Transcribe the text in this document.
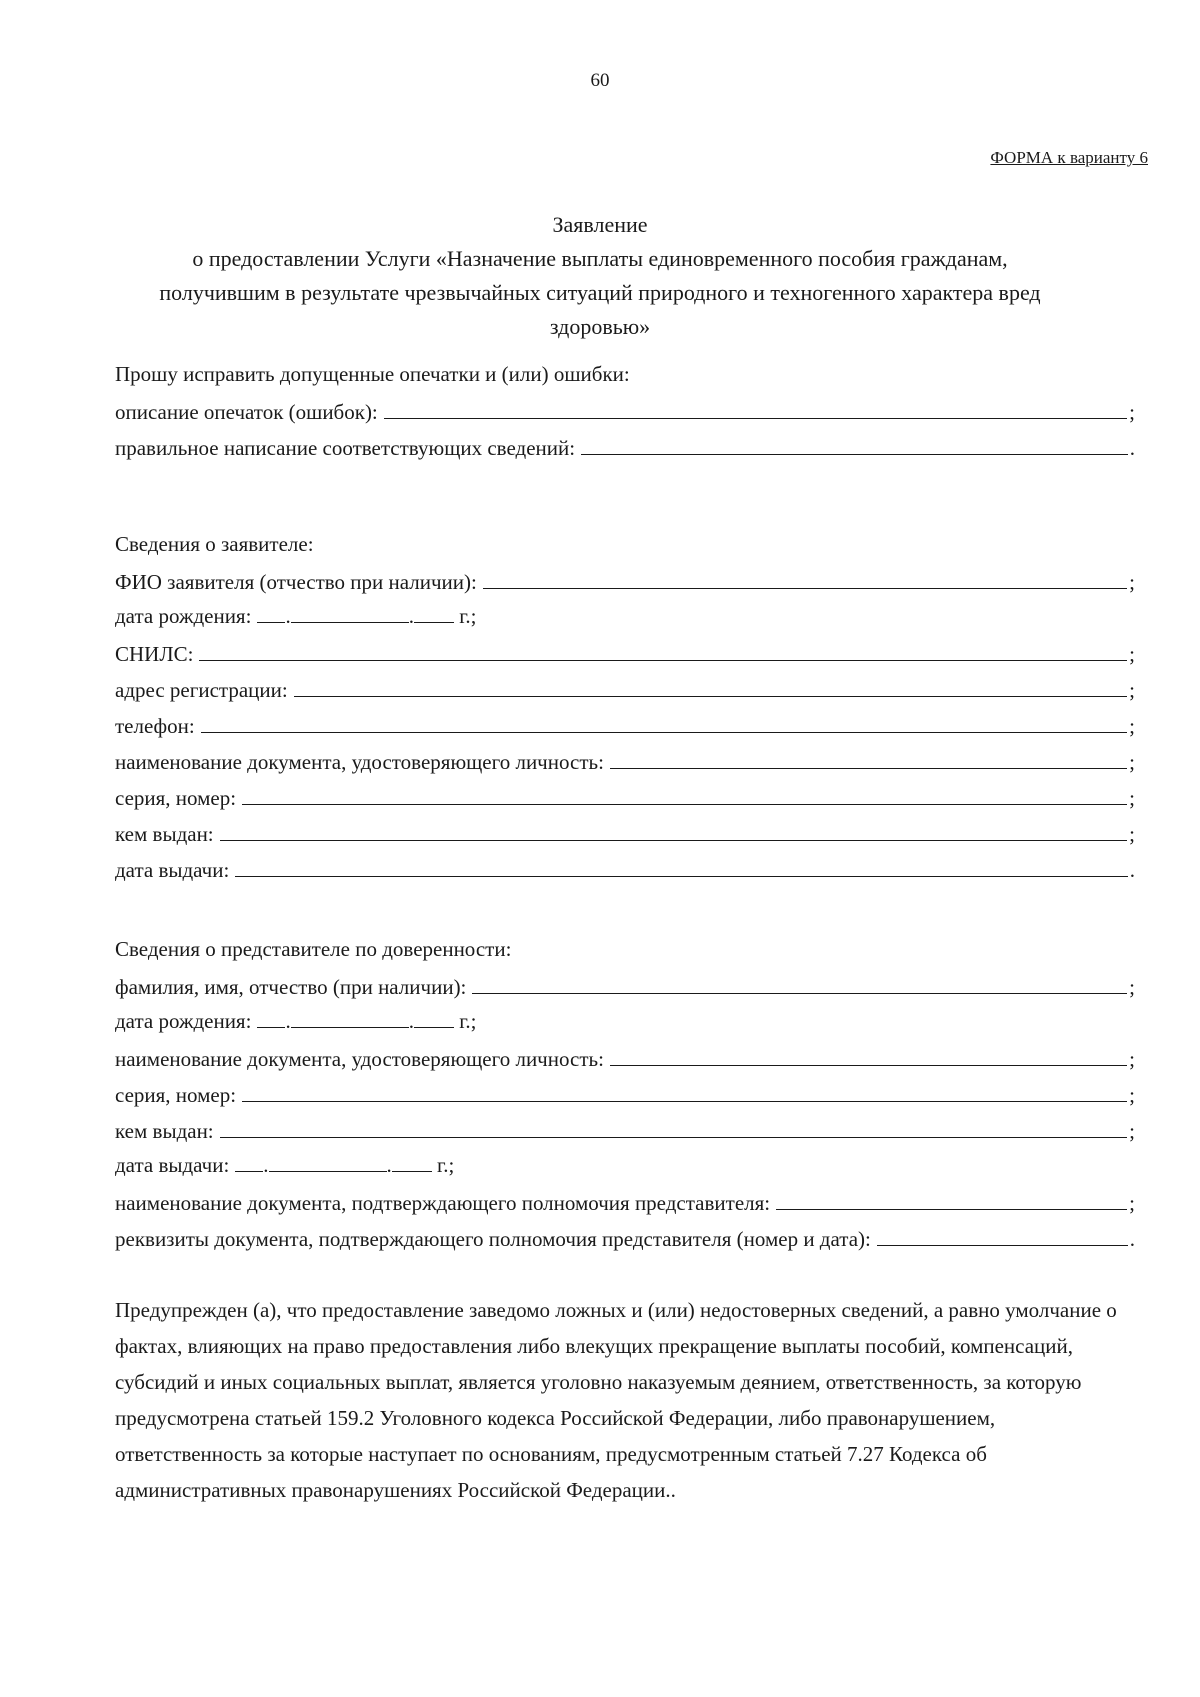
60
ФОРМА к варианту 6
Заявление
о предоставлении Услуги «Назначение выплаты единовременного пособия гражданам,
получившим в результате чрезвычайных ситуаций природного и техногенного характера вред
здоровью»
Прошу исправить допущенные опечатки и (или) ошибки:
описание опечаток (ошибок):	;
правильное написание соответствующих сведений:	.
Сведения о заявителе:
ФИО заявителя (отчество при наличии):	;
дата рождения:	.	. г.;
СНИЛС:	;
адрес регистрации:	;
телефон:	;
наименование документа, удостоверяющего личность:	;
серия, номер:	;
кем выдан:	;
дата выдачи:	.
Сведения о представителе по доверенности:
фамилия, имя, отчество (при наличии):	;
дата рождения:	.	. г.;
наименование документа, удостоверяющего личность:	;
серия, номер:	;
кем выдан:	;
дата выдачи:	.	. г.;
наименование документа, подтверждающего полномочия представителя:	;
реквизиты документа, подтверждающего полномочия представителя (номер и дата):	.
Предупрежден (а), что предоставление заведомо ложных и (или) недостоверных сведений, а равно умолчание о фактах, влияющих на право предоставления либо влекущих прекращение выплаты пособий, компенсаций, субсидий и иных социальных выплат, является уголовно наказуемым деянием, ответственность, за которую предусмотрена статьей 159.2 Уголовного кодекса Российской Федерации, либо правонарушением, ответственность за которые наступает по основаниям, предусмотренным статьей 7.27 Кодекса об административных правонарушениях Российской Федерации..
